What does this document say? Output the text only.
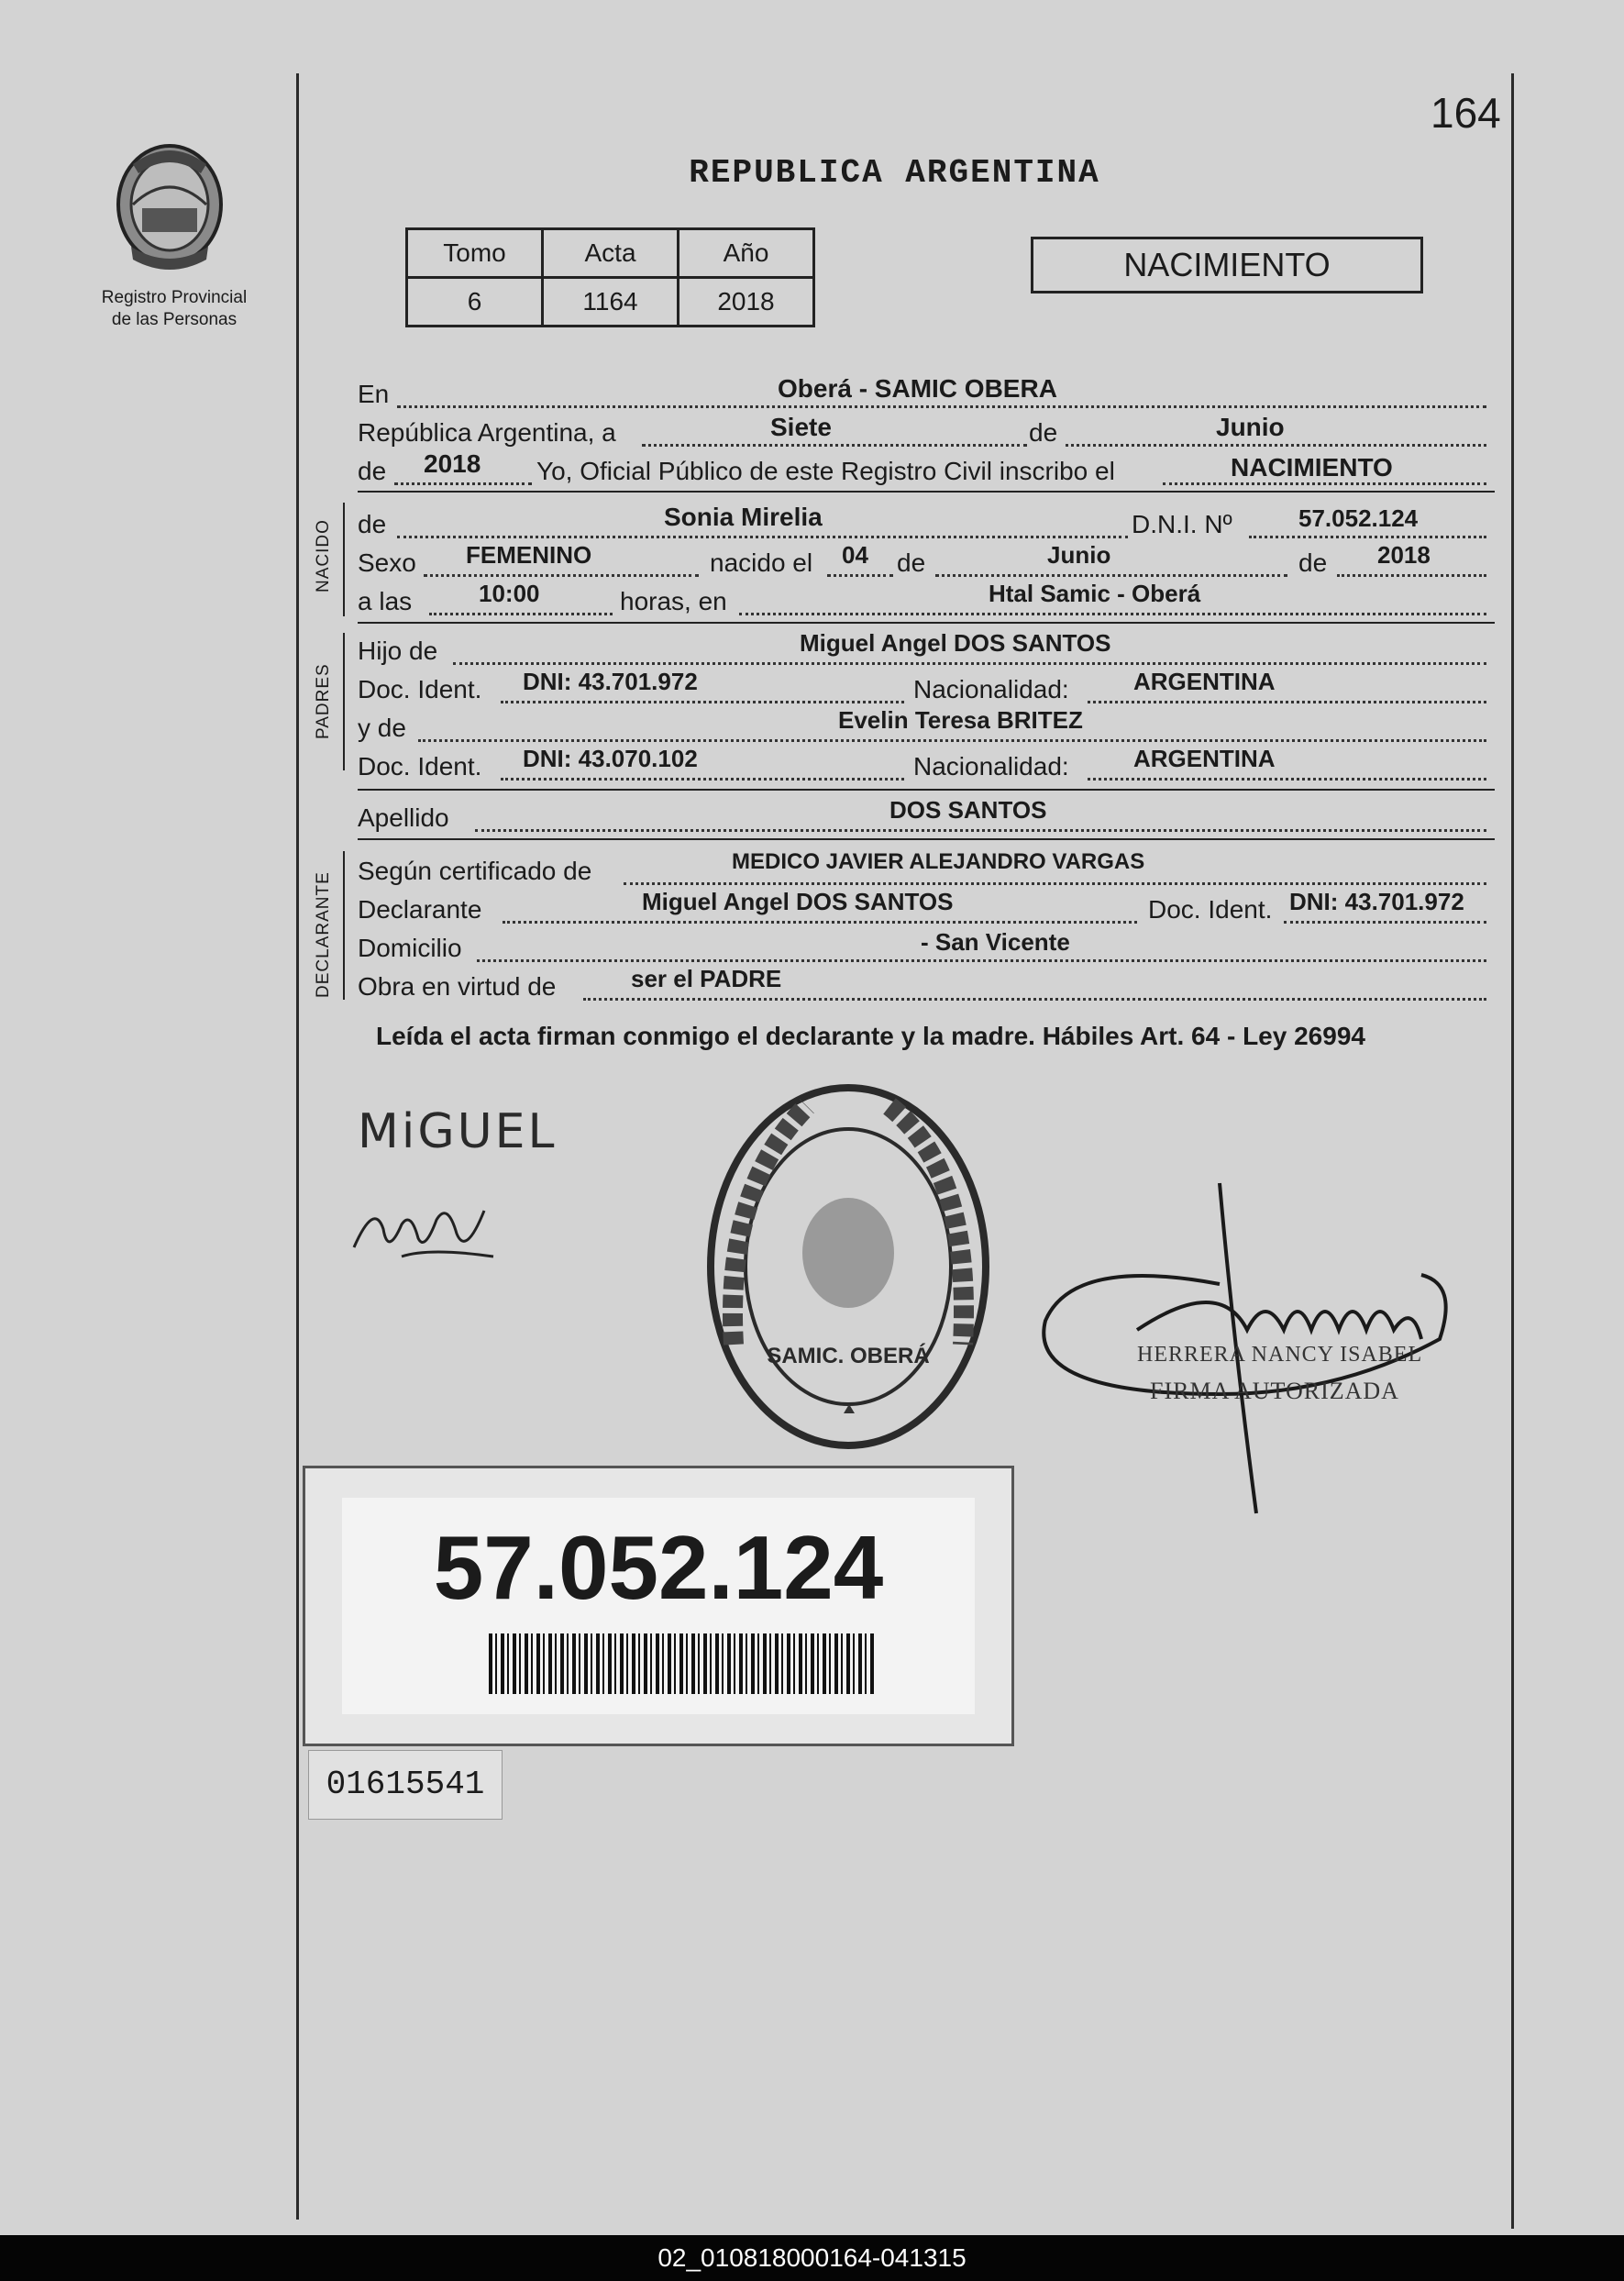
164
Registro Provincial
de las Personas
REPUBLICA ARGENTINA
Tomo	Acta	Año
6	1164	2018
NACIMIENTO
En	Oberá - SAMIC OBERA
República Argentina, a	Siete	de	Junio
de 2018 Yo, Oficial Público de este Registro Civil inscribo el	NACIMIENTO
NACIDO de	Sonia Mirelia	D.N.I. Nº	57.052.124
Sexo FEMENINO	nacido el 04 de	Junio	de 2018
a las	10:00	horas, en	Htal Samic - Oberá
PADRES
Hijo de	Miguel Angel DOS SANTOS
Doc. Ident. DNI: 43.701.972	Nacionalidad:	ARGENTINA
y de	Evelin Teresa BRITEZ
Doc. Ident. DNI: 43.070.102	Nacionalidad:	ARGENTINA
Apellido	DOS SANTOS
DECLARANTE
Según certificado de	MEDICO JAVIER ALEJANDRO VARGAS
Declarante	Miguel Angel DOS SANTOS	Doc. Ident. DNI: 43.701.972
Domicilio	- San Vicente
Obra en virtud de	ser el PADRE
Leída el acta firman conmigo el declarante y la madre. Hábiles Art. 64 - Ley 26994
MiGUEL
SAMIC. OBERÁ	HERRERA NANCY ISABEL
FIRMA AUTORIZADA
57.052.124
01615541
02_010818000164-041315
